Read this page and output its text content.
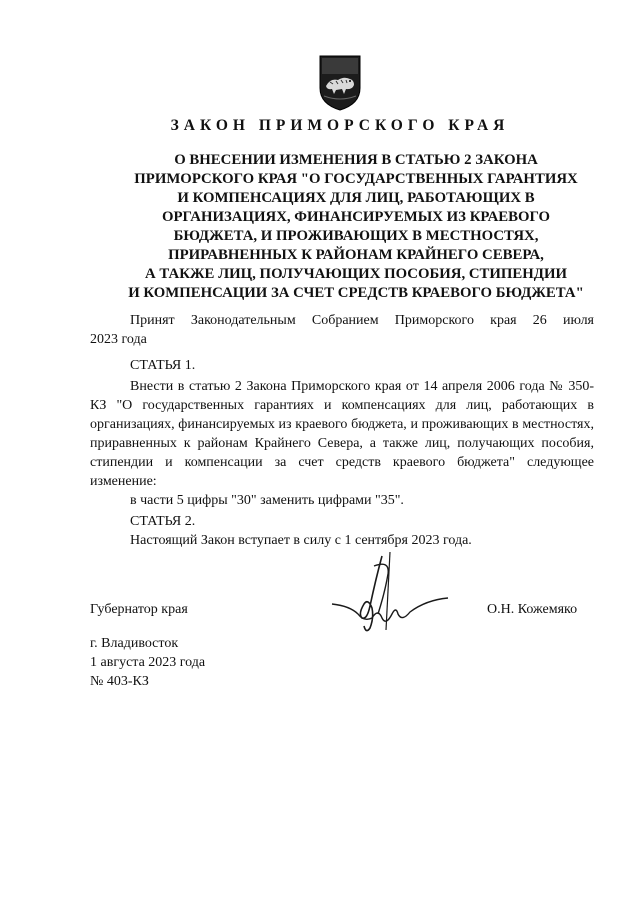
ЗАКОН ПРИМОРСКОГО КРАЯ
О ВНЕСЕНИИ ИЗМЕНЕНИЯ В СТАТЬЮ 2 ЗАКОНА
ПРИМОРСКОГО КРАЯ "О ГОСУДАРСТВЕННЫХ ГАРАНТИЯХ
И КОМПЕНСАЦИЯХ ДЛЯ ЛИЦ, РАБОТАЮЩИХ В
ОРГАНИЗАЦИЯХ, ФИНАНСИРУЕМЫХ ИЗ КРАЕВОГО
БЮДЖЕТА, И ПРОЖИВАЮЩИХ В МЕСТНОСТЯХ,
ПРИРАВНЕННЫХ К РАЙОНАМ КРАЙНЕГО СЕВЕРА,
А ТАКЖЕ ЛИЦ, ПОЛУЧАЮЩИХ ПОСОБИЯ, СТИПЕНДИИ
И КОМПЕНСАЦИИ ЗА СЧЕТ СРЕДСТВ КРАЕВОГО БЮДЖЕТА"
Принят Законодательным Собранием Приморского края 26 июля
2023 года
СТАТЬЯ 1.
Внести в статью 2 Закона Приморского края от 14 апреля 2006 года № 350-КЗ "О государственных гарантиях и компенсациях для лиц, работающих в организациях, финансируемых из краевого бюджета, и проживающих в местностях, приравненных к районам Крайнего Севера, а также лиц, получающих пособия, стипендии и компенсации за счет средств краевого бюджета" следующее изменение:
в части 5 цифры "30" заменить цифрами "35".
СТАТЬЯ 2.
Настоящий Закон вступает в силу с 1 сентября 2023 года.
Губернатор края	О.Н. Кожемяко
г. Владивосток
1 августа 2023 года
№ 403-КЗ
